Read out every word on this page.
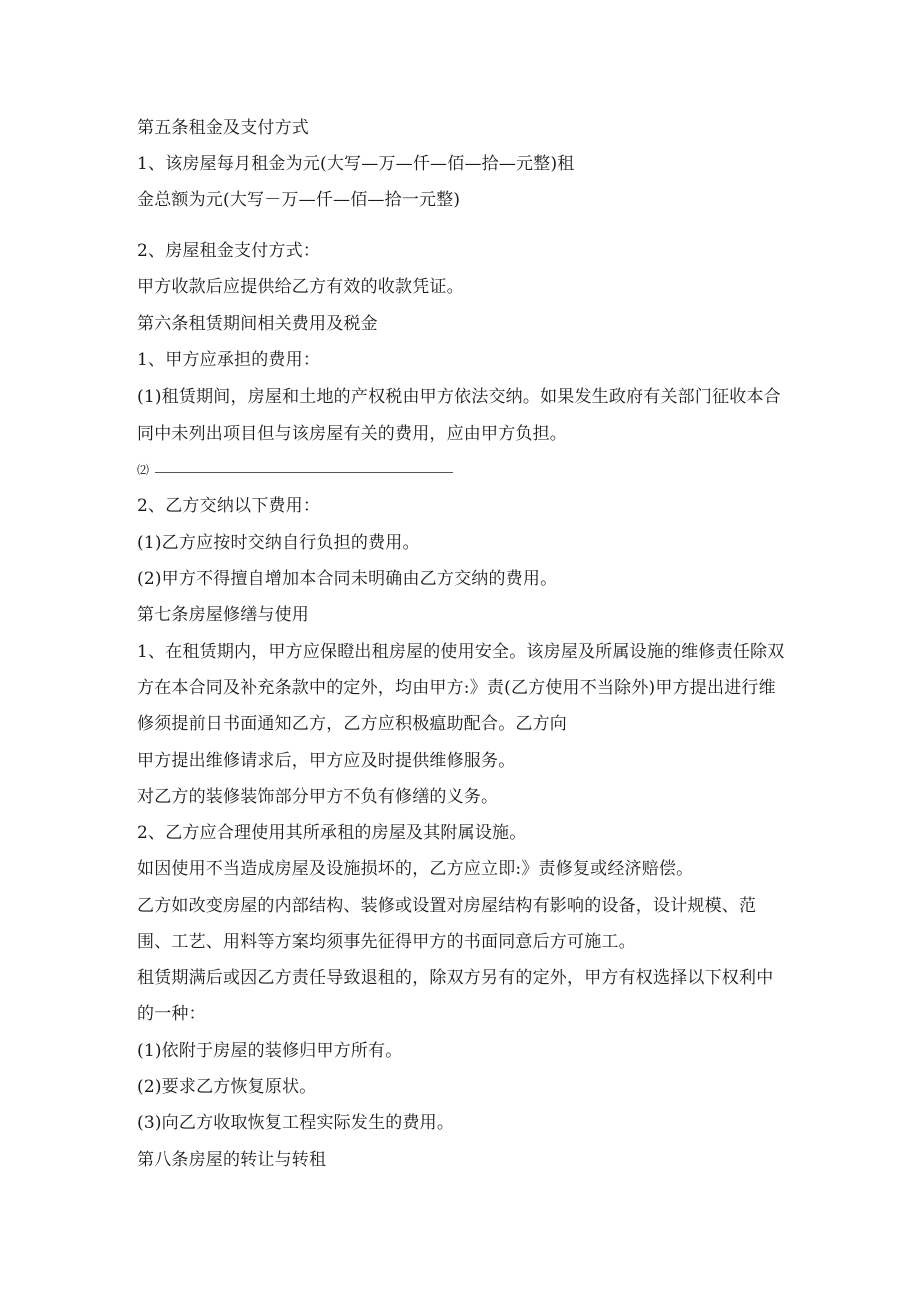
第五条租金及支付方式
1、该房屋每月租金为元(大写—万—仟—佰—拾—元整)租
金总额为元(大写－万—仟—佰—拾一元整)
2、房屋租金支付方式：
甲方收款后应提供给乙方有效的收款凭证。
第六条租赁期间相关费用及税金
1、甲方应承担的费用：
(1)租赁期间，房屋和土地的产权税由甲方依法交纳。如果发生政府有关部门征收本合
同中未列出项目但与该房屋有关的费用，应由甲方负担。
⑵
2、乙方交纳以下费用：
(1)乙方应按时交纳自行负担的费用。
(2)甲方不得擅自增加本合同未明确由乙方交纳的费用。
第七条房屋修缮与使用
1、在租赁期内，甲方应保瞪出租房屋的使用安全。该房屋及所属设施的维修责任除双
方在本合同及补充条款中的定外，均由甲方:》责(乙方使用不当除外)甲方提出进行维
修须提前日书面通知乙方，乙方应积极瘟助配合。乙方向
甲方提出维修请求后，甲方应及时提供维修服务。
对乙方的装修装饰部分甲方不负有修缮的义务。
2、乙方应合理使用其所承租的房屋及其附属设施。
如因使用不当造成房屋及设施损坏的，乙方应立即:》责修复或经济赔偿。
乙方如改变房屋的内部结构、装修或设置对房屋结构有影响的设备，设计规模、范
围、工艺、用料等方案均须事先征得甲方的书面同意后方可施工。
租赁期满后或因乙方责任导致退租的，除双方另有的定外，甲方有权选择以下权利中
的一种：
(1)依附于房屋的装修归甲方所有。
(2)要求乙方恢复原状。
(3)向乙方收取恢复工程实际发生的费用。
第八条房屋的转让与转租
